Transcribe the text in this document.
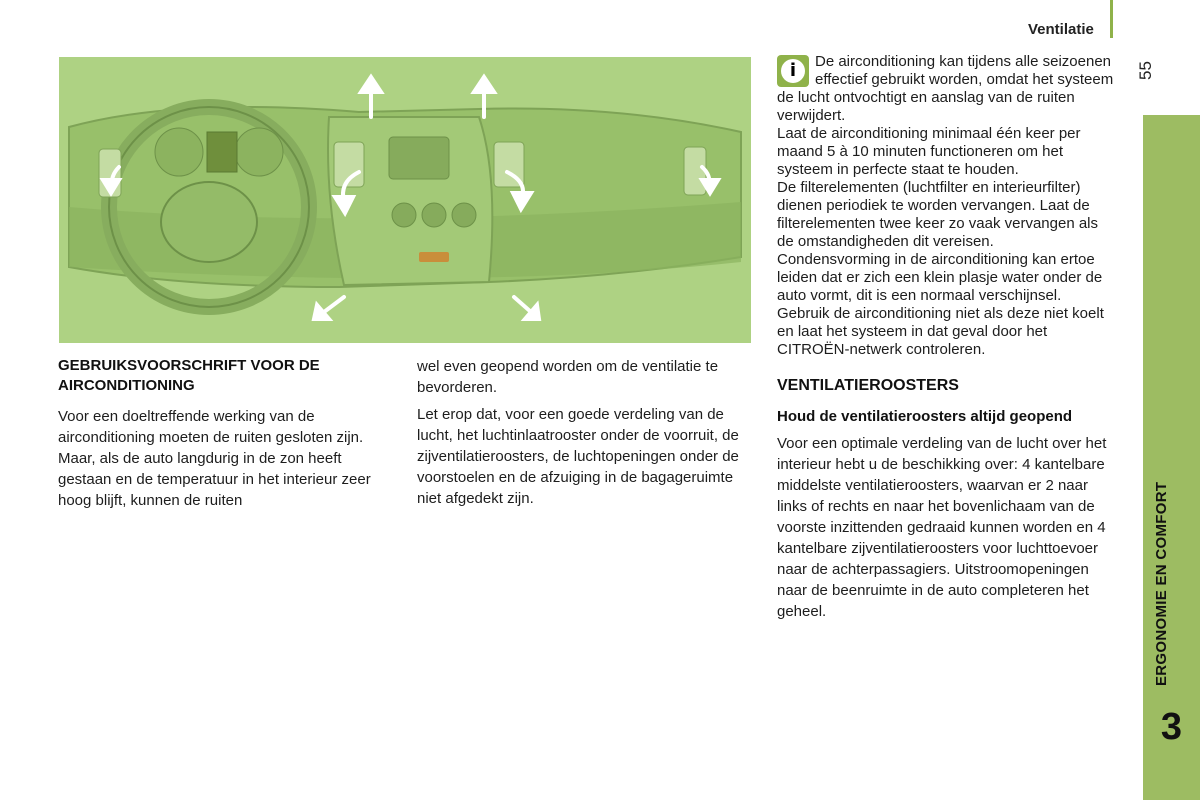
Ventilatie
55
ERGONOMIE EN COMFORT
3
GEBRUIKSVOORSCHRIFT VOOR DE AIRCONDITIONING

Voor een doeltreffende werking van de airconditioning moeten de ruiten gesloten zijn. Maar, als de auto langdurig in de zon heeft gestaan en de temperatuur in het interieur zeer hoog blijft, kunnen de ruiten

wel even geopend worden om de ventilatie te bevorderen.

Let erop dat, voor een goede verdeling van de lucht, het luchtinlaatrooster onder de voorruit, de zijventilatieroosters, de luchtopeningen onder de voorstoelen en de afzuiging in de bagageruimte niet afgedekt zijn.

i	De airconditioning kan tijdens alle seizoenen effectief gebruikt worden, omdat het systeem de lucht ontvochtigt en aanslag van de ruiten verwijdert.

Laat de airconditioning minimaal één keer per maand 5 à 10 minuten functioneren om het systeem in perfecte staat te houden.

De filterelementen (luchtfilter en interieurfilter) dienen periodiek te worden vervangen. Laat de filterelementen twee keer zo vaak vervangen als de omstandigheden dit vereisen.

Condensvorming in de airconditioning kan ertoe leiden dat er zich een klein plasje water onder de auto vormt, dit is een normaal verschijnsel.

Gebruik de airconditioning niet als deze niet koelt en laat het systeem in dat geval door het CITROËN-netwerk controleren.

VENTILATIEROOSTERS
Houd de ventilatieroosters altijd geopend

Voor een optimale verdeling van de lucht over het interieur hebt u de beschikking over: 4 kantelbare middelste ventilatieroosters, waarvan er 2 naar links of rechts en naar het bovenlichaam van de voorste inzittenden gedraaid kunnen worden en 4 kantelbare zijventilatieroosters voor luchttoevoer naar de achterpassagiers. Uitstroomopeningen naar de beenruimte in de auto completeren het geheel.
